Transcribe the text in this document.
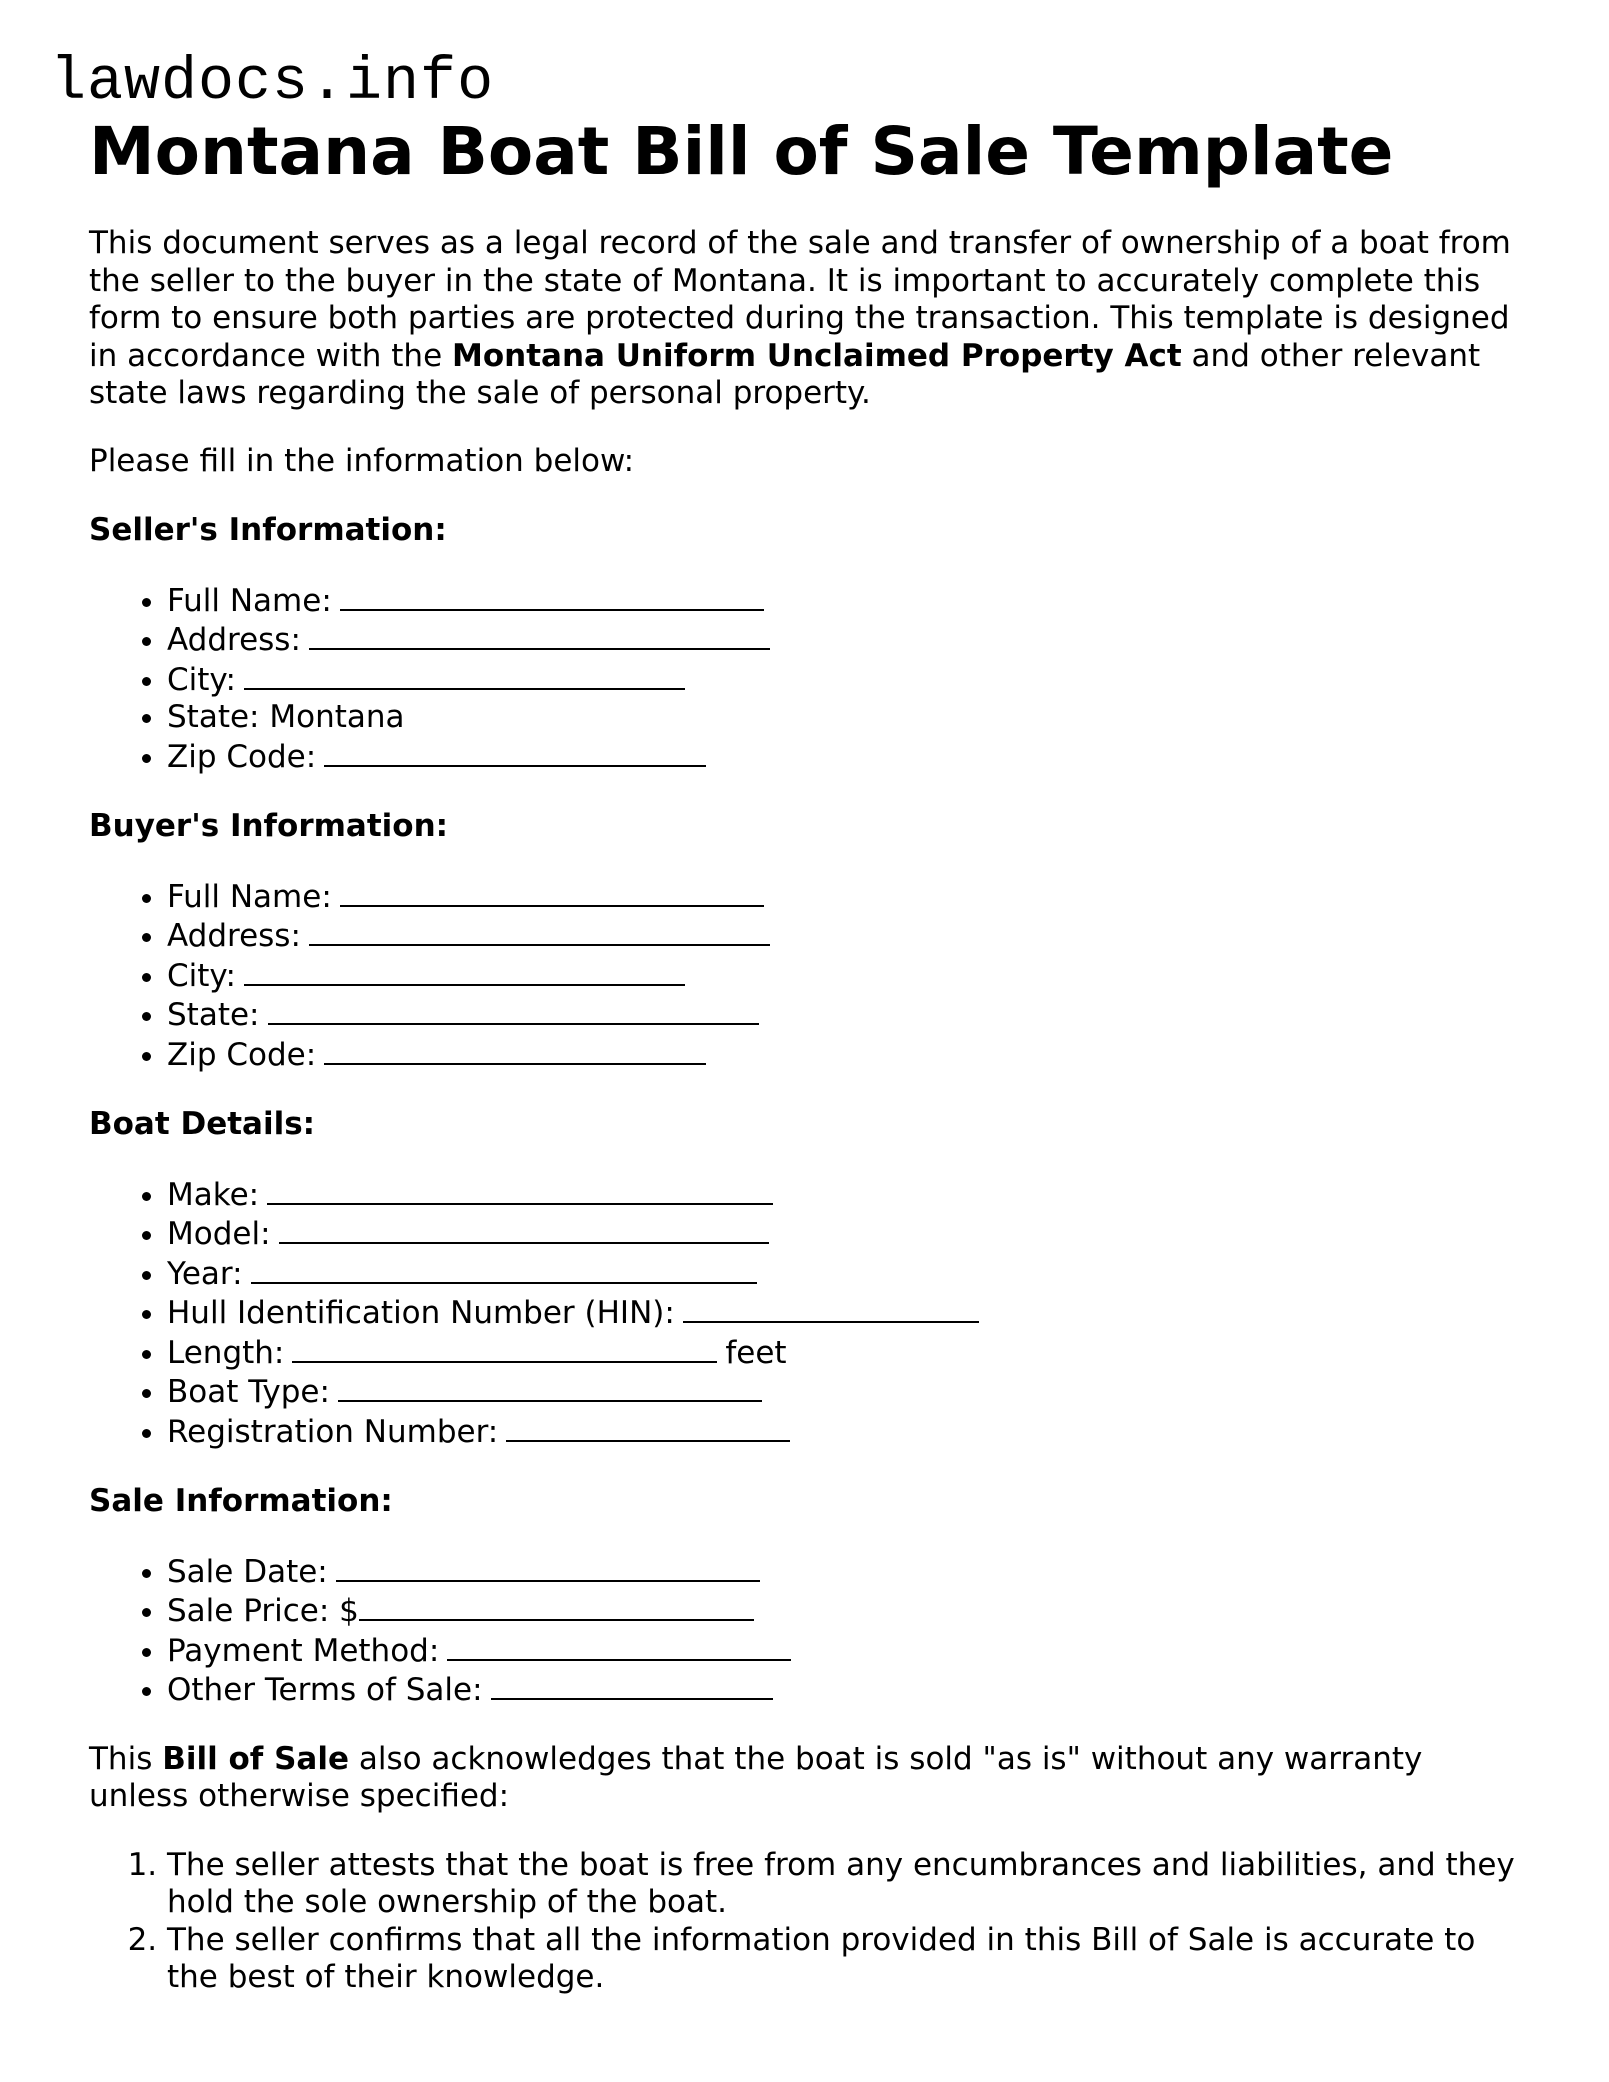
lawdocs.info
Montana Boat Bill of Sale Template

This document serves as a legal record of the sale and transfer of ownership of a boat from the seller to the buyer in the state of Montana. It is important to accurately complete this form to ensure both parties are protected during the transaction. This template is designed in accordance with the Montana Uniform Unclaimed Property Act and other relevant state laws regarding the sale of personal property.

Please fill in the information below:

Seller's Information:
• Full Name:
• Address:
• City:
• State: Montana
• Zip Code:
Buyer's Information:
• Full Name:
• Address:
• City:
• State:
• Zip Code:
Boat Details:
• Make:
• Model:
• Year:
• Hull Identification Number (HIN):
• Length:	feet
• Boat Type:
• Registration Number:
Sale Information:
• Sale Date:
• Sale Price: $
• Payment Method:
• Other Terms of Sale:

This Bill of Sale also acknowledges that the boat is sold "as is" without any warranty unless otherwise specified:

1. The seller attests that the boat is free from any encumbrances and liabilities, and they hold the sole ownership of the boat.
2. The seller confirms that all the information provided in this Bill of Sale is accurate to the best of their knowledge.
